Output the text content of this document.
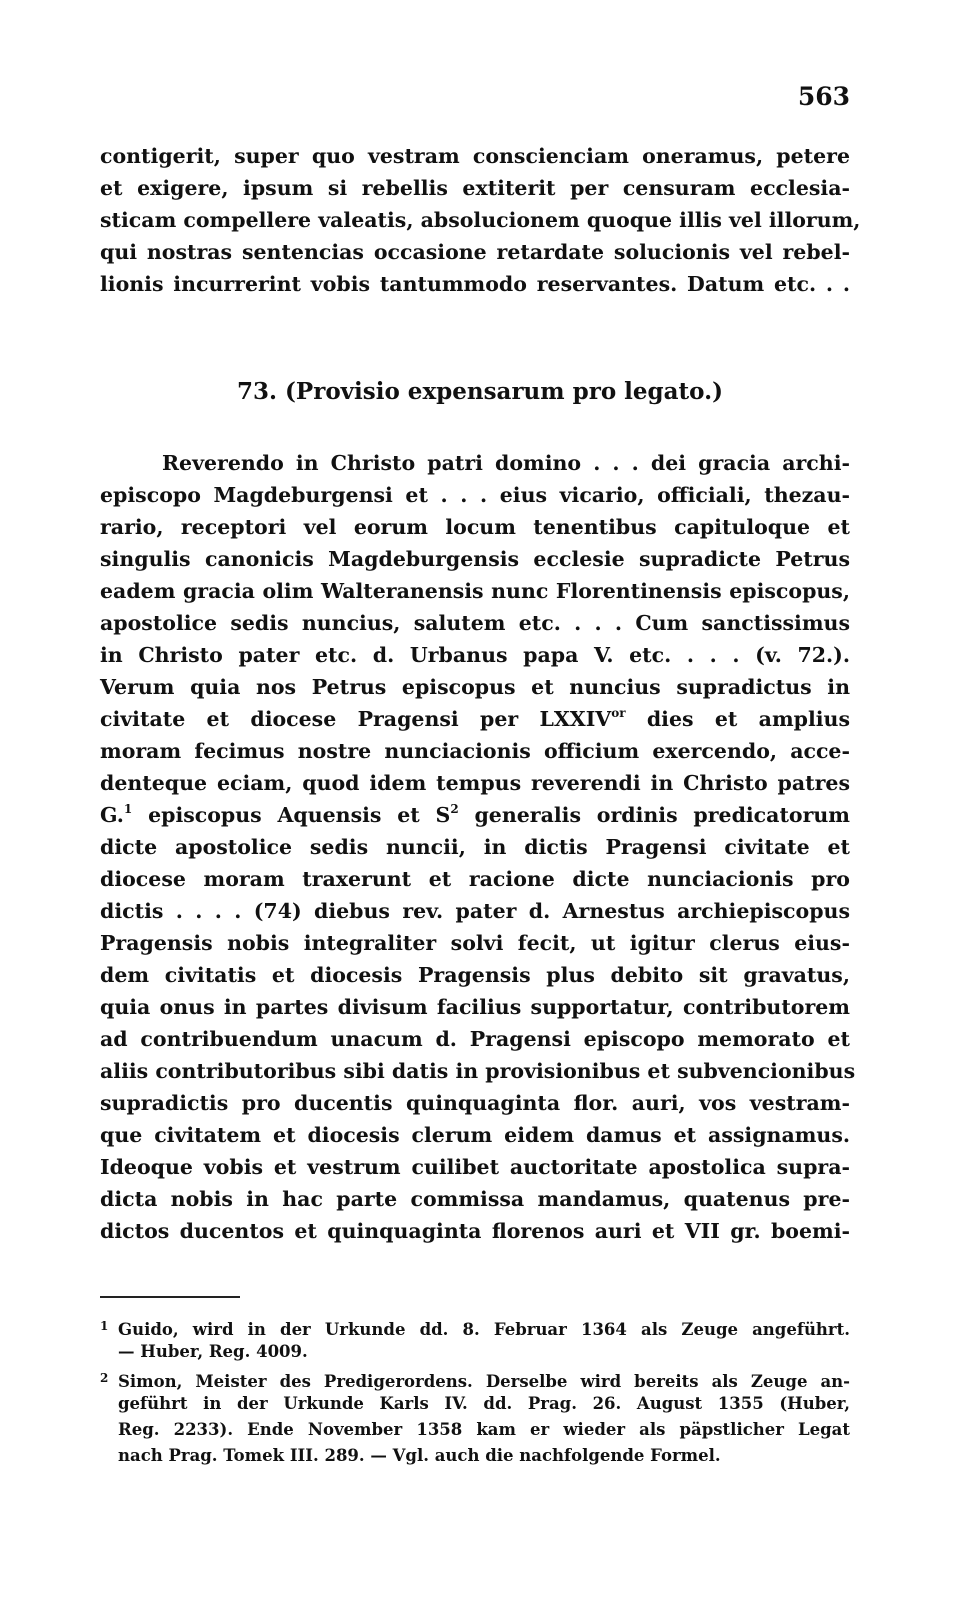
563
contigerit, super quo vestram conscienciam oneramus, petere
et exigere, ipsum si rebellis extiterit per censuram ecclesia-
sticam compellere valeatis, absolucionem quoque illis vel illorum,
qui nostras sentencias occasione retardate solucionis vel rebel-
lionis incurrerint vobis tantummodo reservantes. Datum etc. . .
73. (Provisio expensarum pro legato.)
Reverendo in Christo patri domino . . . dei gracia archi-
episcopo Magdeburgensi et . . . eius vicario, officiali, thezau-
rario, receptori vel eorum locum tenentibus capituloque et
singulis canonicis Magdeburgensis ecclesie supradicte Petrus
eadem gracia olim Walteranensis nunc Florentinensis episcopus,
apostolice sedis nuncius, salutem etc. . . . Cum sanctissimus
in Christo pater etc. d. Urbanus papa V. etc. . . . (v. 72.).
Verum quia nos Petrus episcopus et nuncius supradictus in
civitate et diocese Pragensi per $LXXIV^{or}$ dies et amplius
moram fecimus nostre nunciacionis officium exercendo, acce-
denteque eciam, quod idem tempus reverendi in Christo patres
G.$^1$ episcopus Aquensis et $S^2$ generalis ordinis predicatorum
dicte apostolice sedis nuncii, in dictis Pragensi civitate et
diocese moram traxerunt et racione dicte nunciacionis pro
dictis . . . . (74) diebus rev. pater d. Arnestus archiepiscopus
Pragensis nobis integraliter solvi fecit, ut igitur clerus eius-
dem civitatis et diocesis Pragensis plus debito sit gravatus,
quia onus in partes divisum facilius supportatur, contributorem
ad contribuendum unacum d. Pragensi episcopo memorato et
aliis contributoribus sibi datis in provisionibus et subvencionibus
supradictis pro ducentis quinquaginta flor. auri, vos vestram-
que civitatem et diocesis clerum eidem damus et assignamus.
Ideoque vobis et vestrum cuilibet auctoritate apostolica supra-
dicta nobis in hac parte commissa mandamus, quatenus pre-
dictos ducentos et quinquaginta florenos auri et VII gr. boemi-
1 Guido, wird in der Urkunde dd. 8. Februar 1364 als Zeuge angeführt.
— Huber, Reg. 4009.
2 Simon, Meister des Predigerordens. Derselbe wird bereits als Zeuge an-
geführt in der Urkunde Karls IV. dd. Prag. 26. August 1355 (Huber,
Reg. 2233). Ende November 1358 kam er wieder als päpstlicher Legat
nach Prag. Tomek III. 289. — Vgl. auch die nachfolgende Formel.
